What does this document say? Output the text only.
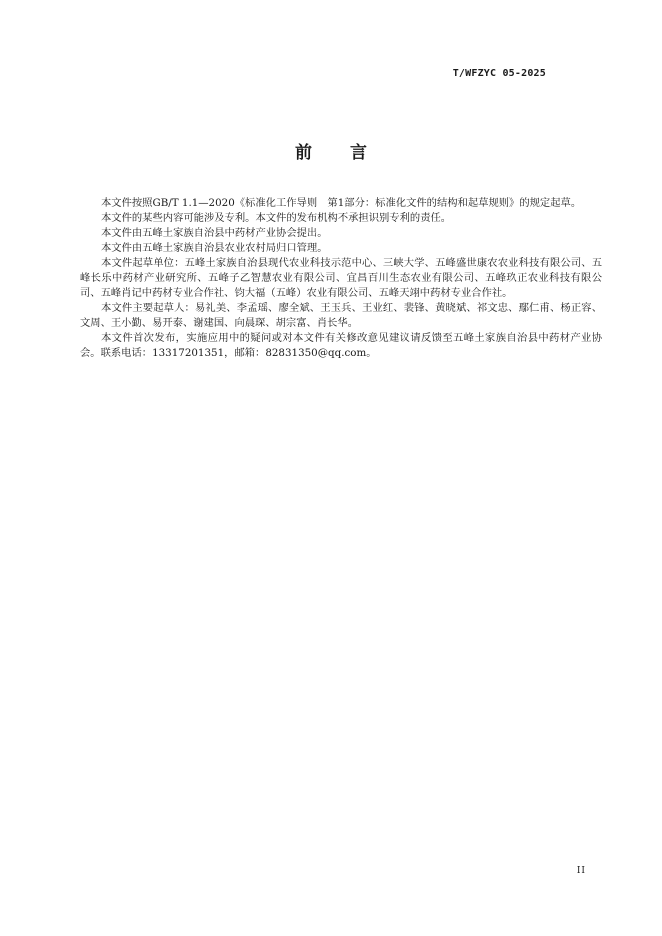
T/WFZYC 05-2025
前言

本文件按照GB/T 1.1—2020《标准化工作导则　第1部分：标准化文件的结构和起草规则》的规定起草。

本文件的某些内容可能涉及专利。本文件的发布机构不承担识别专利的责任。

本文件由五峰土家族自治县中药材产业协会提出。

本文件由五峰土家族自治县农业农村局归口管理。

本文件起草单位：五峰土家族自治县现代农业科技示范中心、三峡大学、五峰盛世康农农业科技有限公司、五峰长乐中药材产业研究所、五峰子乙智慧农业有限公司、宜昌百川生态农业有限公司、五峰玖正农业科技有限公司、五峰肖记中药材专业合作社、钧大福（五峰）农业有限公司、五峰天翊中药材专业合作社。

本文件主要起草人：易礼美、李孟瑶、廖全斌、王玉兵、王业红、裴锋、黄晓斌、祁文忠、鄢仁甫、杨正容、文周、王小勤、易开泰、谢建国、向晨琛、胡宗富、肖长华。

本文件首次发布，实施应用中的疑问或对本文件有关修改意见建议请反馈至五峰土家族自治县中药材产业协会。联系电话：13317201351，邮箱：82831350@qq.com。

II
